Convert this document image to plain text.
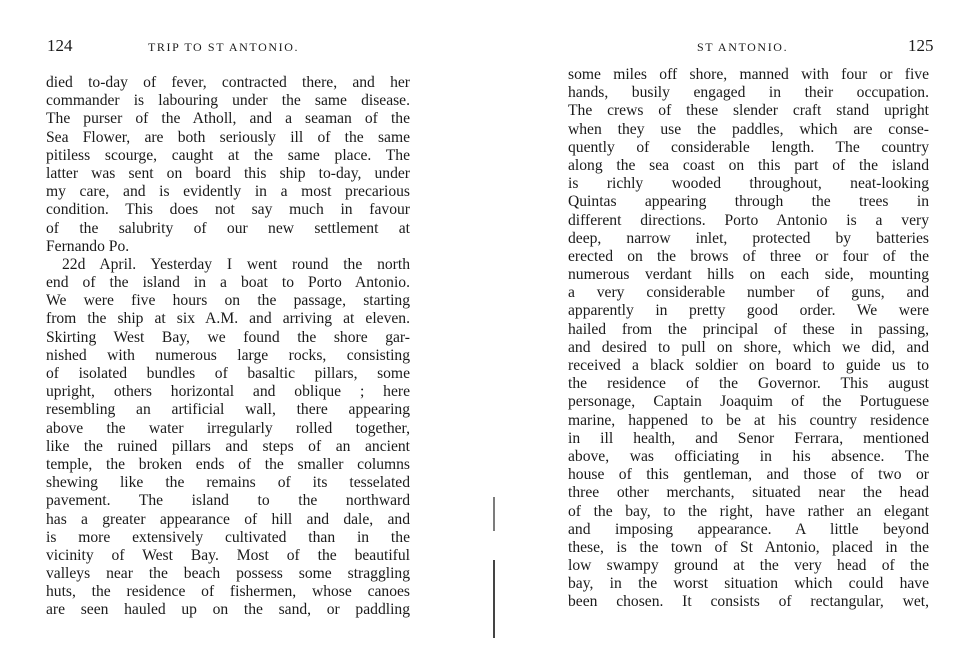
124	TRIP TO ST ANTONIO.
died to-day of fever, contracted there, and her
commander is labouring under the same disease.
The purser of the Atholl, and a seaman of the
Sea Flower, are both seriously ill of the same
pitiless scourge, caught at the same place. The
latter was sent on board this ship to-day, under
my care, and is evidently in a most precarious
condition. This does not say much in favour
of the salubrity of our new settlement at
Fernando Po.
22d April. Yesterday I went round the north
end of the island in a boat to Porto Antonio.
We were five hours on the passage, starting
from the ship at six A.M. and arriving at eleven.
Skirting West Bay, we found the shore gar-
nished with numerous large rocks, consisting
of isolated bundles of basaltic pillars, some
upright, others horizontal and oblique ; here
resembling an artificial wall, there appearing
above the water irregularly rolled together,
like the ruined pillars and steps of an ancient
temple, the broken ends of the smaller columns
shewing like the remains of its tesselated
pavement. The island to the northward
has a greater appearance of hill and dale, and
is more extensively cultivated than in the
vicinity of West Bay. Most of the beautiful
valleys near the beach possess some straggling
huts, the residence of fishermen, whose canoes
are seen hauled up on the sand, or paddling
ST ANTONIO.	125
some miles off shore, manned with four or five
hands, busily engaged in their occupation.
The crews of these slender craft stand upright
when they use the paddles, which are conse-
quently of considerable length. The country
along the sea coast on this part of the island
is richly wooded throughout, neat-looking
Quintas appearing through the trees in
different directions. Porto Antonio is a very
deep, narrow inlet, protected by batteries
erected on the brows of three or four of the
numerous verdant hills on each side, mounting
a very considerable number of guns, and
apparently in pretty good order. We were
hailed from the principal of these in passing,
and desired to pull on shore, which we did, and
received a black soldier on board to guide us to
the residence of the Governor. This august
personage, Captain Joaquim of the Portuguese
marine, happened to be at his country residence
in ill health, and Senor Ferrara, mentioned
above, was officiating in his absence. The
house of this gentleman, and those of two or
three other merchants, situated near the head
of the bay, to the right, have rather an elegant
and imposing appearance. A little beyond
these, is the town of St Antonio, placed in the
low swampy ground at the very head of the
bay, in the worst situation which could have
been chosen. It consists of rectangular, wet,
